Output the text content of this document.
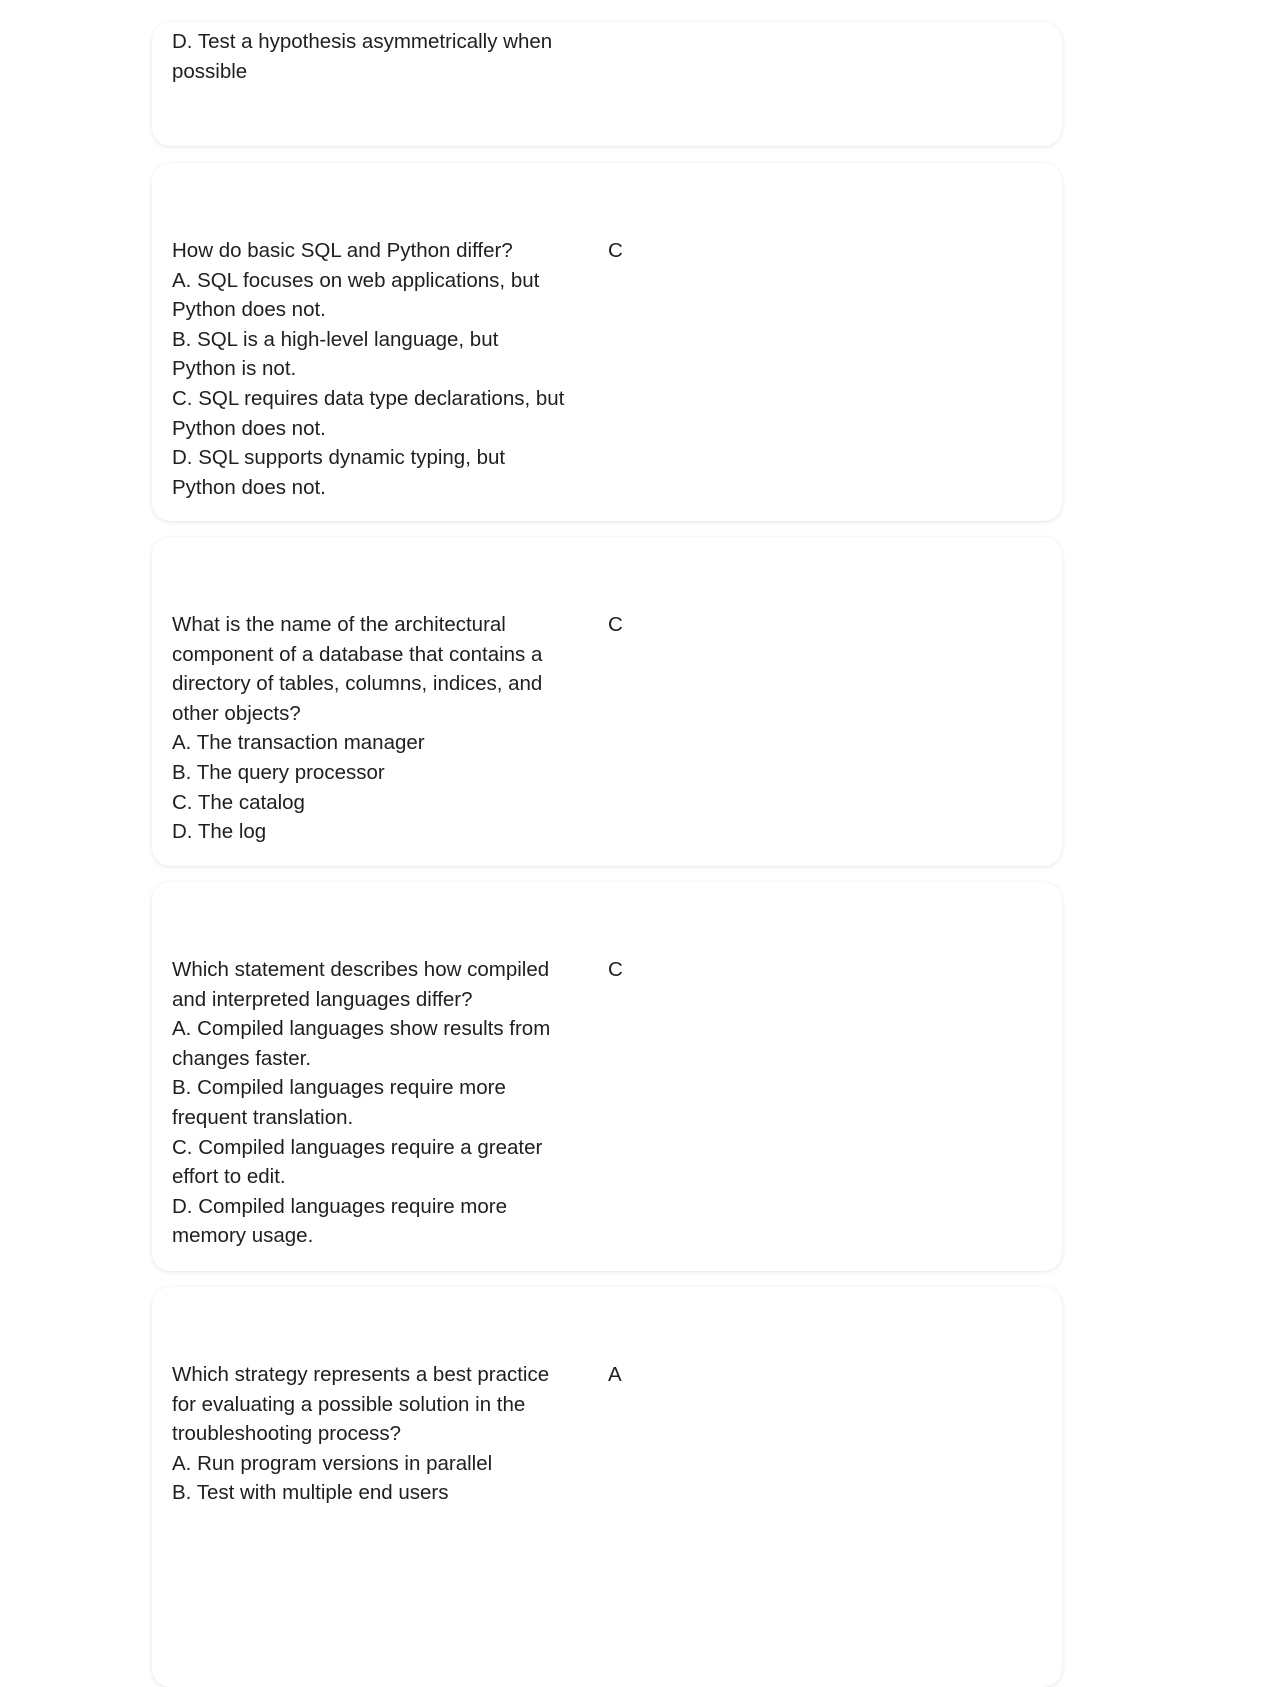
D. Test a hypothesis asymmetrically when
possible
How do basic SQL and Python differ?
A. SQL focuses on web applications, but
Python does not.
B. SQL is a high-level language, but
Python is not.
C. SQL requires data type declarations, but
Python does not.
D. SQL supports dynamic typing, but
Python does not.
C
What is the name of the architectural
component of a database that contains a
directory of tables, columns, indices, and
other objects?
A. The transaction manager
B. The query processor
C. The catalog
D. The log
C
Which statement describes how compiled
and interpreted languages differ?
A. Compiled languages show results from
changes faster.
B. Compiled languages require more
frequent translation.
C. Compiled languages require a greater
effort to edit.
D. Compiled languages require more
memory usage.
C
Which strategy represents a best practice
for evaluating a possible solution in the
troubleshooting process?
A. Run program versions in parallel
B. Test with multiple end users
A
